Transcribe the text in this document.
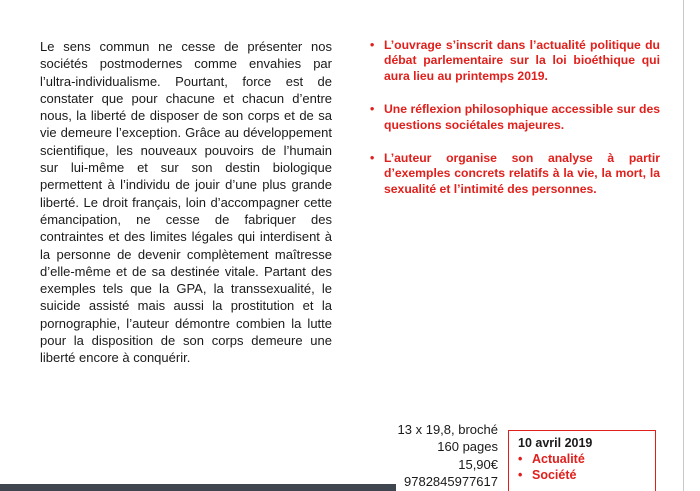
Le sens commun ne cesse de présenter nos sociétés postmodernes comme envahies par l’ultra-individualisme. Pourtant, force est de constater que pour chacune et chacun d’entre nous, la liberté de disposer de son corps et de sa vie demeure l’exception. Grâce au développement scientifique, les nouveaux pouvoirs de l’humain sur lui-même et sur son destin biologique permettent à l’individu de jouir d’une plus grande liberté. Le droit français, loin d’accompagner cette émancipation, ne cesse de fabriquer des contraintes et des limites légales qui interdisent à la personne de devenir complètement maîtresse d’elle-même et de sa destinée vitale. Partant des exemples tels que la GPA, la transsexualité, le suicide assisté mais aussi la prostitution et la pornographie, l’auteur démontre combien la lutte pour la disposition de son corps demeure une liberté encore à conquérir.

• L’ouvrage s’inscrit dans l’actualité politique du débat parlementaire sur la loi bioéthique qui aura lieu au printemps 2019.
• Une réflexion philosophique accessible sur des questions sociétales majeures.
• L’auteur organise son analyse à partir d’exemples concrets relatifs à la vie, la mort, la sexualité et l’intimité des personnes.
13 x 19,8, broché
160 pages
15,90€
9782845977617
10 avril 2019
• Actualité
• Société
